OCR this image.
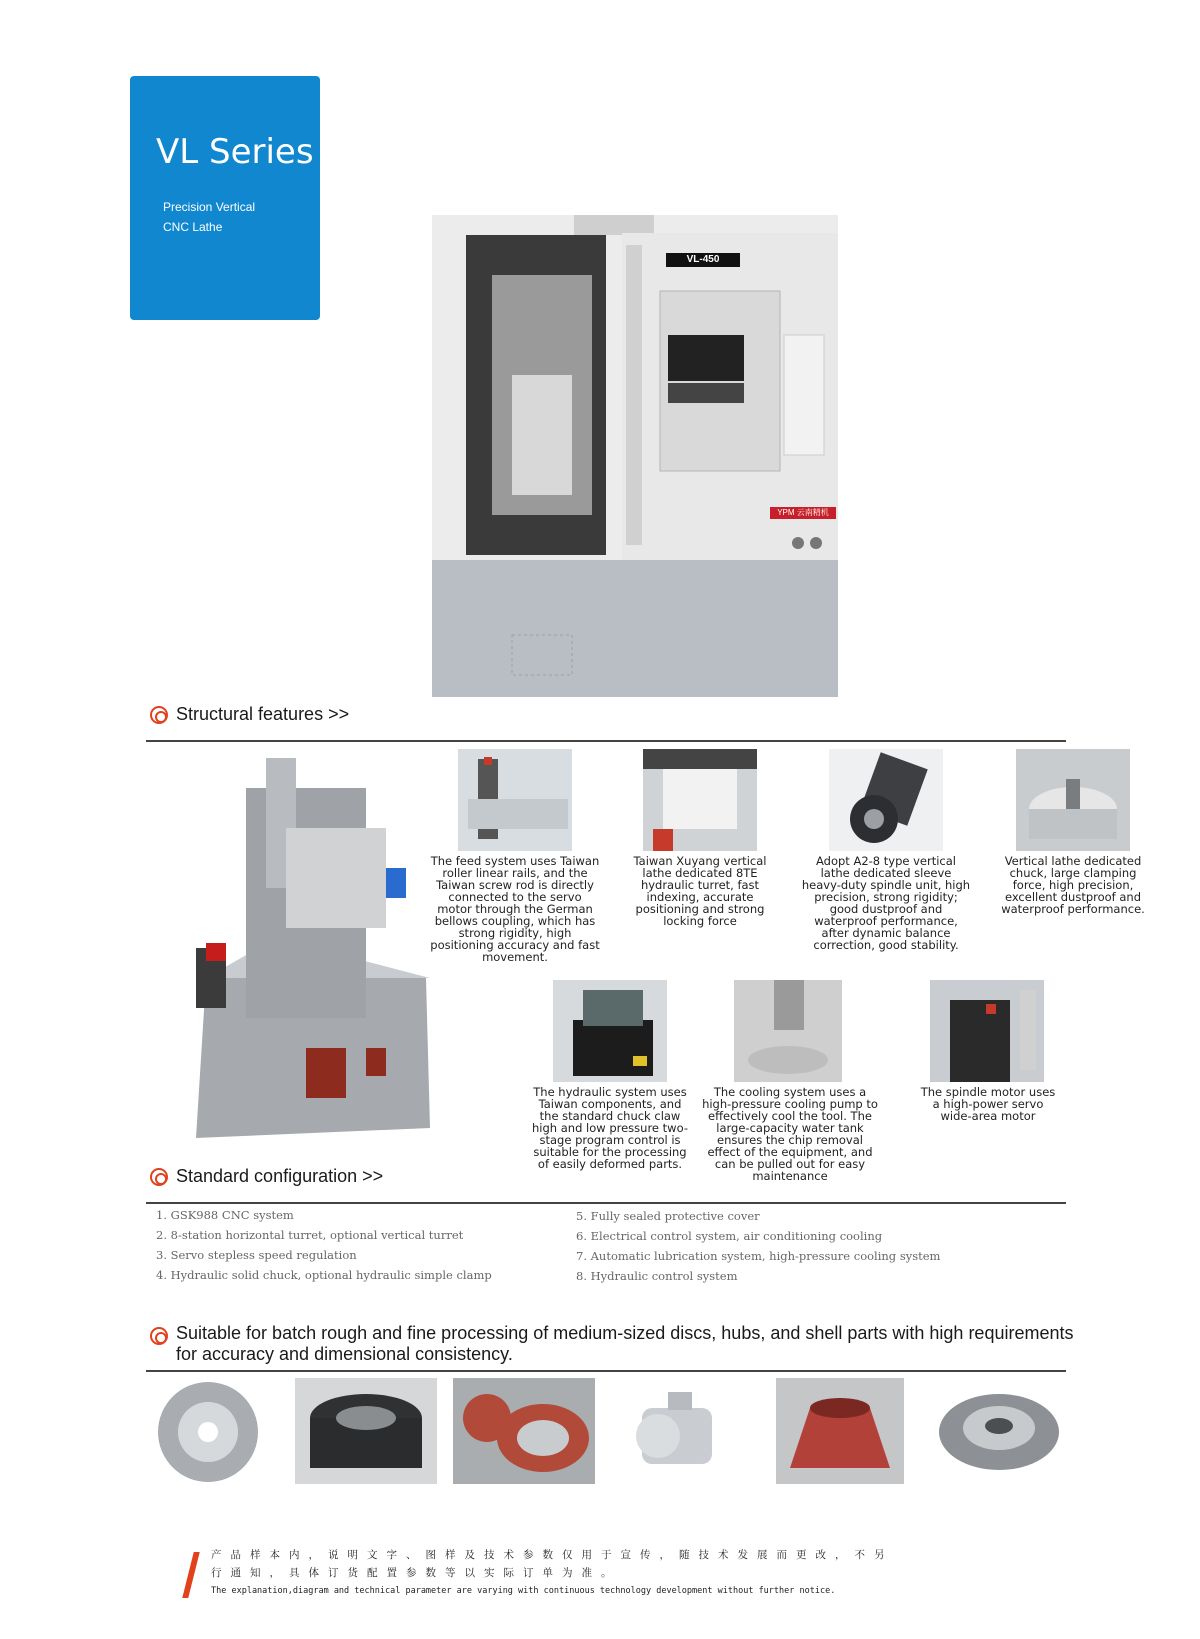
VL Series
Precision Vertical
CNC Lathe
VL-450
YPM 云南精机
Structural features >>
The feed system uses Taiwan roller linear rails, and the Taiwan screw rod is directly connected to the servo motor through the German bellows coupling, which has strong rigidity, high positioning accuracy and fast movement.
Taiwan Xuyang vertical lathe dedicated 8TE hydraulic turret, fast indexing, accurate positioning and strong locking force
Adopt A2-8 type vertical lathe dedicated sleeve heavy-duty spindle unit, high precision, strong rigidity; good dustproof and waterproof performance, after dynamic balance correction, good stability.
Vertical lathe dedicated chuck, large clamping force, high precision, excellent dustproof and waterproof performance.
The hydraulic system uses Taiwan components, and the standard chuck claw high and low pressure two-stage program control is suitable for the processing of easily deformed parts.
The cooling system uses a high-pressure cooling pump to effectively cool the tool. The large-capacity water tank ensures the chip removal effect of the equipment, and can be pulled out for easy maintenance
The spindle motor uses a high-power servo wide-area motor
Standard configuration >>
1. GSK988 CNC system
2. 8-station horizontal turret, optional vertical turret
3. Servo stepless speed regulation
4. Hydraulic solid chuck, optional hydraulic simple clamp
5. Fully sealed protective cover
6. Electrical control system, air conditioning cooling
7. Automatic lubrication system, high-pressure cooling system
8. Hydraulic control system
Suitable for batch rough and fine processing of medium-sized discs, hubs, and shell parts with high requirements
for accuracy and dimensional consistency.
产品样本内，说明文字、图样及技术参数仅用于宣传，随技术发展而更改，不另
行通知，具体订货配置参数等以实际订单为准。
The explanation,diagram and technical parameter are varying with continuous technology development without further notice.
